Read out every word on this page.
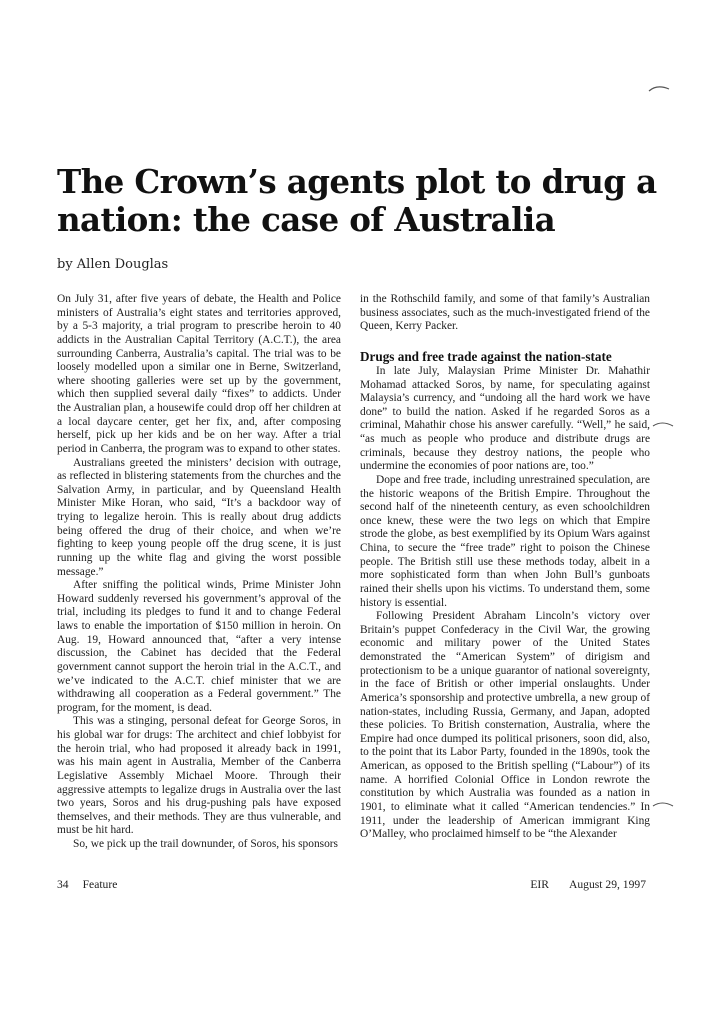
The Crown’s agents plot to drug a nation: the case of Australia
by Allen Douglas

On July 31, after five years of debate, the Health and Police ministers of Australia’s eight states and territories approved, by a 5-3 majority, a trial program to prescribe heroin to 40 addicts in the Australian Capital Territory (A.C.T.), the area surrounding Canberra, Australia’s capital. The trial was to be loosely modelled upon a similar one in Berne, Switzerland, where shooting galleries were set up by the government, which then supplied several daily “fixes” to addicts. Under the Australian plan, a housewife could drop off her children at a local daycare center, get her fix, and, after composing herself, pick up her kids and be on her way. After a trial period in Canberra, the program was to expand to other states.

Australians greeted the ministers’ decision with outrage, as reflected in blistering statements from the churches and the Salvation Army, in particular, and by Queensland Health Minister Mike Horan, who said, “It’s a backdoor way of trying to legalize heroin. This is really about drug addicts being offered the drug of their choice, and when we’re fighting to keep young people off the drug scene, it is just running up the white flag and giving the worst possible message.”

After sniffing the political winds, Prime Minister John Howard suddenly reversed his government’s approval of the trial, including its pledges to fund it and to change Federal laws to enable the importation of $150 million in heroin. On Aug. 19, Howard announced that, “after a very intense discussion, the Cabinet has decided that the Federal government cannot support the heroin trial in the A.C.T., and we’ve indicated to the A.C.T. chief minister that we are withdrawing all cooperation as a Federal government.” The program, for the moment, is dead.

This was a stinging, personal defeat for George Soros, in his global war for drugs: The architect and chief lobbyist for the heroin trial, who had proposed it already back in 1991, was his main agent in Australia, Member of the Canberra Legislative Assembly Michael Moore. Through their aggressive attempts to legalize drugs in Australia over the last two years, Soros and his drug-pushing pals have exposed themselves, and their methods. They are thus vulnerable, and must be hit hard.

So, we pick up the trail downunder, of Soros, his sponsors

in the Rothschild family, and some of that family’s Australian business associates, such as the much-investigated friend of the Queen, Kerry Packer.

Drugs and free trade against the nation-state

In late July, Malaysian Prime Minister Dr. Mahathir Mohamad attacked Soros, by name, for speculating against Malaysia’s currency, and “undoing all the hard work we have done” to build the nation. Asked if he regarded Soros as a criminal, Mahathir chose his answer carefully. “Well,” he said, “as much as people who produce and distribute drugs are criminals, because they destroy nations, the people who undermine the economies of poor nations are, too.”

Dope and free trade, including unrestrained speculation, are the historic weapons of the British Empire. Throughout the second half of the nineteenth century, as even schoolchildren once knew, these were the two legs on which that Empire strode the globe, as best exemplified by its Opium Wars against China, to secure the “free trade” right to poison the Chinese people. The British still use these methods today, albeit in a more sophisticated form than when John Bull’s gunboats rained their shells upon his victims. To understand them, some history is essential.

Following President Abraham Lincoln’s victory over Britain’s puppet Confederacy in the Civil War, the growing economic and military power of the United States demonstrated the “American System” of dirigism and protectionism to be a unique guarantor of national sovereignty, in the face of British or other imperial onslaughts. Under America’s sponsorship and protective umbrella, a new group of nation-states, including Russia, Germany, and Japan, adopted these policies. To British consternation, Australia, where the Empire had once dumped its political prisoners, soon did, also, to the point that its Labor Party, founded in the 1890s, took the American, as opposed to the British spelling (“Labour”) of its name. A horrified Colonial Office in London rewrote the constitution by which Australia was founded as a nation in 1901, to eliminate what it called “American tendencies.” In 1911, under the leadership of American immigrant King O’Malley, who proclaimed himself to be “the Alexander

34 Feature	EIR August 29, 1997
